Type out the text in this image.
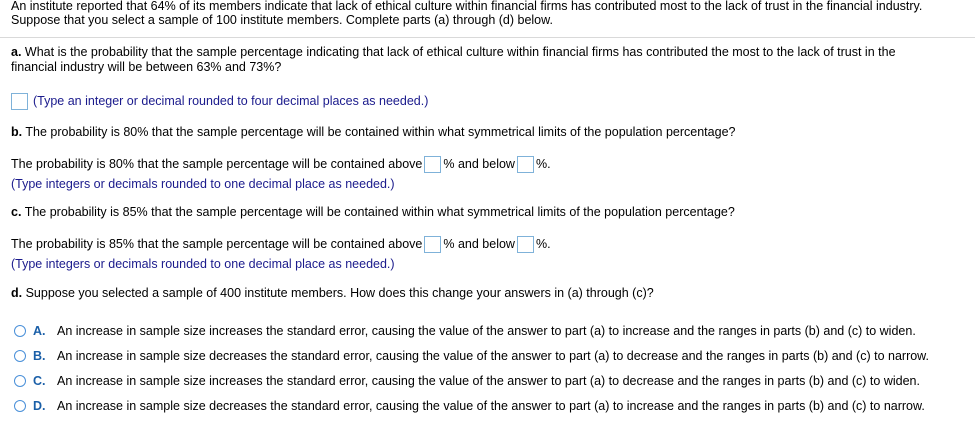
An institute reported that 64% of its members indicate that lack of ethical culture within financial firms has contributed most to the lack of trust in the financial industry.
Suppose that you select a sample of 100 institute members. Complete parts (a) through (d) below.
a. What is the probability that the sample percentage indicating that lack of ethical culture within financial firms has contributed the most to the lack of trust in the
financial industry will be between 63% and 73%?
(Type an integer or decimal rounded to four decimal places as needed.)
b. The probability is 80% that the sample percentage will be contained within what symmetrical limits of the population percentage?
The probability is 80% that the sample percentage will be contained above % and below %.
(Type integers or decimals rounded to one decimal place as needed.)
c. The probability is 85% that the sample percentage will be contained within what symmetrical limits of the population percentage?
The probability is 85% that the sample percentage will be contained above % and below %.
(Type integers or decimals rounded to one decimal place as needed.)
d. Suppose you selected a sample of 400 institute members. How does this change your answers in (a) through (c)?
A. An increase in sample size increases the standard error, causing the value of the answer to part (a) to increase and the ranges in parts (b) and (c) to widen.
B. An increase in sample size decreases the standard error, causing the value of the answer to part (a) to decrease and the ranges in parts (b) and (c) to narrow.
C. An increase in sample size increases the standard error, causing the value of the answer to part (a) to decrease and the ranges in parts (b) and (c) to widen.
D. An increase in sample size decreases the standard error, causing the value of the answer to part (a) to increase and the ranges in parts (b) and (c) to narrow.
